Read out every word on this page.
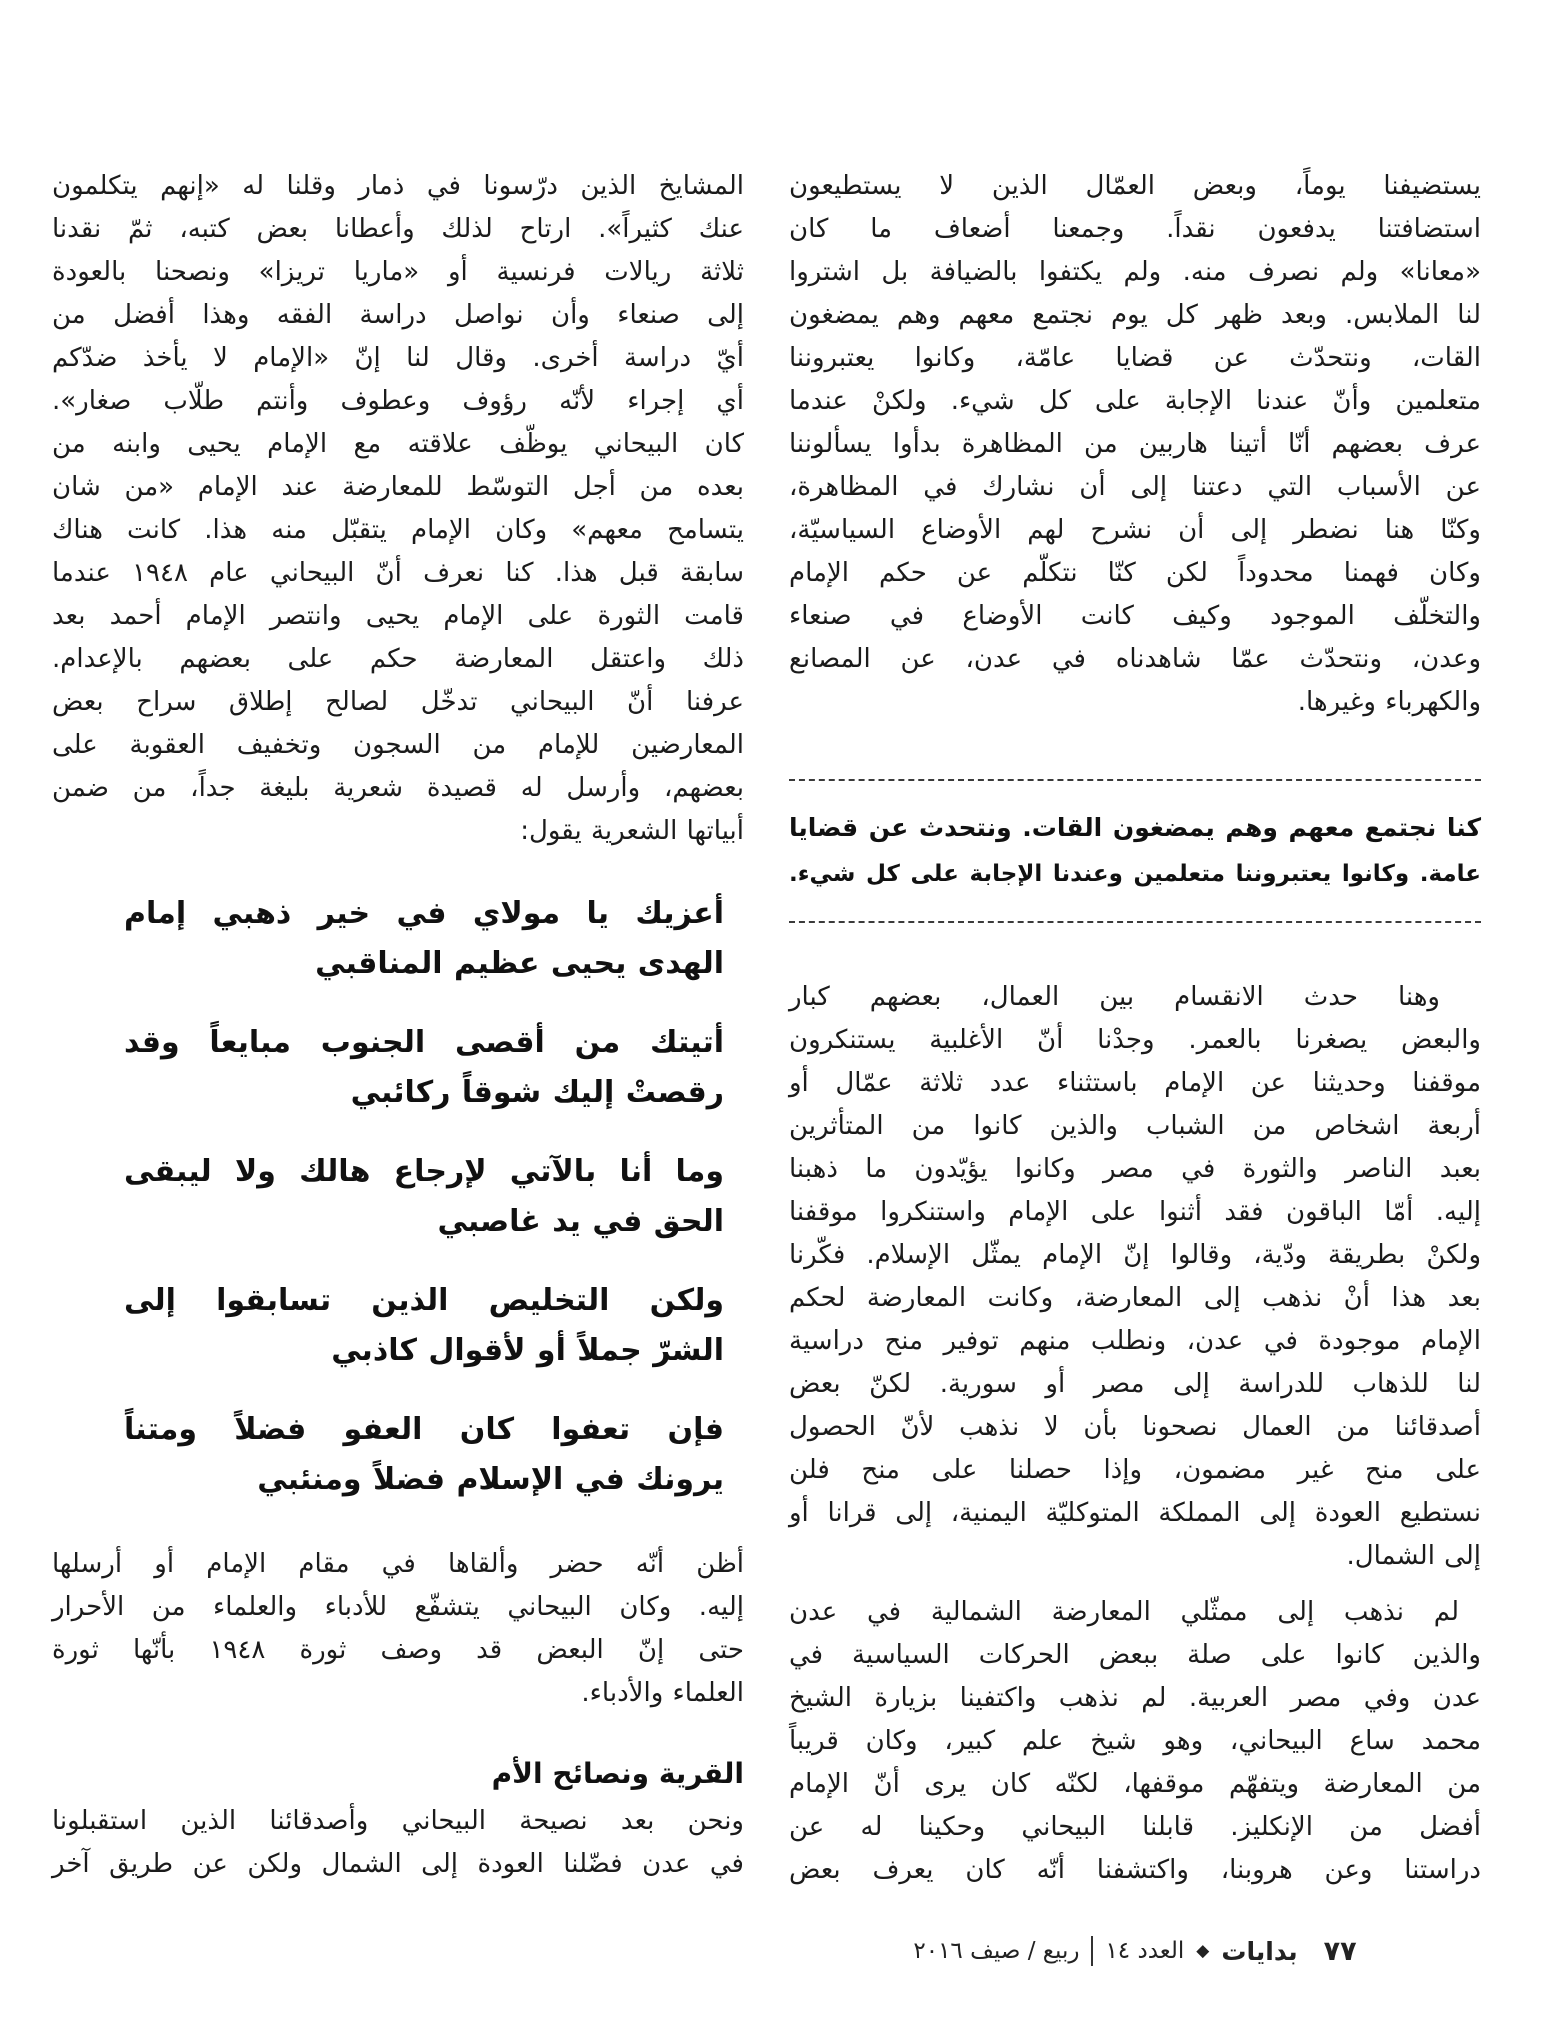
يستضيفنا يوماً، وبعض العمّال الذين لا يستطيعون
استضافتنا يدفعون نقداً. وجمعنا أضعاف ما كان
«معانا» ولم نصرف منه. ولم يكتفوا بالضيافة بل اشتروا
لنا الملابس. وبعد ظهر كل يوم نجتمع معهم وهم يمضغون
القات، ونتحدّث عن قضايا عامّة، وكانوا يعتبروننا
متعلمين وأنّ عندنا الإجابة على كل شيء. ولكنْ عندما
عرف بعضهم أنّا أتينا هاربين من المظاهرة بدأوا يسألوننا
عن الأسباب التي دعتنا إلى أن نشارك في المظاهرة،
وكنّا هنا نضطر إلى أن نشرح لهم الأوضاع السياسيّة،
وكان فهمنا محدوداً لكن كنّا نتكلّم عن حكم الإمام
والتخلّف الموجود وكيف كانت الأوضاع في صنعاء
وعدن، ونتحدّث عمّا شاهدناه في عدن، عن المصانع
والكهرباء وغيرها.
كنا نجتمع معهم وهم يمضغون القات. ونتحدث عن قضايا
عامة. وكانوا يعتبروننا متعلمين وعندنا الإجابة على كل شيء.
وهنا حدث الانقسام بين العمال، بعضهم كبار
والبعض يصغرنا بالعمر. وجدْنا أنّ الأغلبية يستنكرون
موقفنا وحديثنا عن الإمام باستثناء عدد ثلاثة عمّال أو
أربعة اشخاص من الشباب والذين كانوا من المتأثرين
بعبد الناصر والثورة في مصر وكانوا يؤيّدون ما ذهبنا
إليه. أمّا الباقون فقد أثنوا على الإمام واستنكروا موقفنا
ولكنْ بطريقة ودّية، وقالوا إنّ الإمام يمثّل الإسلام. فكّرنا
بعد هذا أنْ نذهب إلى المعارضة، وكانت المعارضة لحكم
الإمام موجودة في عدن، ونطلب منهم توفير منح دراسية
لنا للذهاب للدراسة إلى مصر أو سورية. لكنّ بعض
أصدقائنا من العمال نصحونا بأن لا نذهب لأنّ الحصول
على منح غير مضمون، وإذا حصلنا على منح فلن
نستطيع العودة إلى المملكة المتوكليّة اليمنية، إلى قرانا أو
إلى الشمال.
لم نذهب إلى ممثّلي المعارضة الشمالية في عدن
والذين كانوا على صلة ببعض الحركات السياسية في
عدن وفي مصر العربية. لم نذهب واكتفينا بزيارة الشيخ
محمد ساع البيحاني، وهو شيخ علم كبير، وكان قريباً
من المعارضة ويتفهّم موقفها، لكنّه كان يرى أنّ الإمام
أفضل من الإنكليز. قابلنا البيحاني وحكينا له عن
دراستنا وعن هروبنا، واكتشفنا أنّه كان يعرف بعض
المشايخ الذين درّسونا في ذمار وقلنا له «إنهم يتكلمون
عنك كثيراً». ارتاح لذلك وأعطانا بعض كتبه، ثمّ نقدنا
ثلاثة ريالات فرنسية أو «ماريا تريزا» ونصحنا بالعودة
إلى صنعاء وأن نواصل دراسة الفقه وهذا أفضل من
أيّ دراسة أخرى. وقال لنا إنّ «الإمام لا يأخذ ضدّكم
أي إجراء لأنّه رؤوف وعطوف وأنتم طلّاب صغار».
كان البيحاني يوظّف علاقته مع الإمام يحيى وابنه من
بعده من أجل التوسّط للمعارضة عند الإمام «من شان
يتسامح معهم» وكان الإمام يتقبّل منه هذا. كانت هناك
سابقة قبل هذا. كنا نعرف أنّ البيحاني عام ١٩٤٨ عندما
قامت الثورة على الإمام يحيى وانتصر الإمام أحمد بعد
ذلك واعتقل المعارضة حكم على بعضهم بالإعدام.
عرفنا أنّ البيحاني تدخّل لصالح إطلاق سراح بعض
المعارضين للإمام من السجون وتخفيف العقوبة على
بعضهم، وأرسل له قصيدة شعرية بليغة جداً، من ضمن
أبياتها الشعرية يقول:
أعزيك يا مولاي في خير ذهبي إمام
الهدى يحيى عظيم المناقبي
أتيتك من أقصى الجنوب مبايعاً وقد
رقصتْ إليك شوقاً ركائبي
وما أنا بالآتي لإرجاع هالك ولا ليبقى
الحق في يد غاصبي
ولكن التخليص الذين تسابقوا إلى
الشرّ جملاً أو لأقوال كاذبي
فإن تعفوا كان العفو فضلاً ومتناً
يرونك في الإسلام فضلاً ومنئبي
أظن أنّه حضر وألقاها في مقام الإمام أو أرسلها
إليه. وكان البيحاني يتشفّع للأدباء والعلماء من الأحرار
حتى إنّ البعض قد وصف ثورة ١٩٤٨ بأنّها ثورة
العلماء والأدباء.
القرية ونصائح الأم
ونحن بعد نصيحة البيحاني وأصدقائنا الذين استقبلونا
في عدن فضّلنا العودة إلى الشمال ولكن عن طريق آخر
٧٧
بدايات
◆
العدد ١٤
ربيع / صيف ٢٠١٦
